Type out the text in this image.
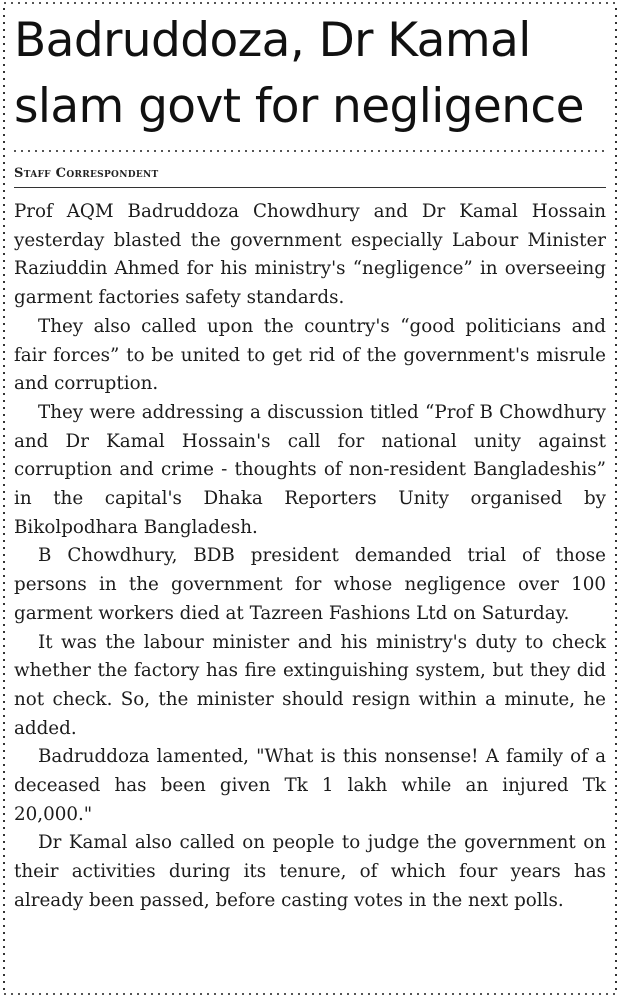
Badruddoza, Dr Kamal
slam govt for negligence
Staff Correspondent

Prof AQM Badruddoza Chowdhury and Dr Kamal Hossain yesterday blasted the government especially Labour Minister Raziuddin Ahmed for his ministry's “negligence” in overseeing garment factories safety standards.

They also called upon the country's “good politicians and fair forces” to be united to get rid of the government's misrule and corruption.

They were addressing a discussion titled “Prof B Chowdhury and Dr Kamal Hossain's call for national unity against corruption and crime - thoughts of non-resident Bangladeshis” in the capital's Dhaka Reporters Unity organised by Bikolpodhara Bangladesh.

B Chowdhury, BDB president demanded trial of those persons in the government for whose negligence over 100 garment workers died at Tazreen Fashions Ltd on Saturday.

It was the labour minister and his ministry's duty to check whether the factory has fire extinguishing system, but they did not check. So, the minister should resign within a minute, he added.

Badruddoza lamented, "What is this nonsense! A family of a deceased has been given Tk 1 lakh while an injured Tk 20,000."

Dr Kamal also called on people to judge the government on their activities during its tenure, of which four years has already been passed, before casting votes in the next polls.
